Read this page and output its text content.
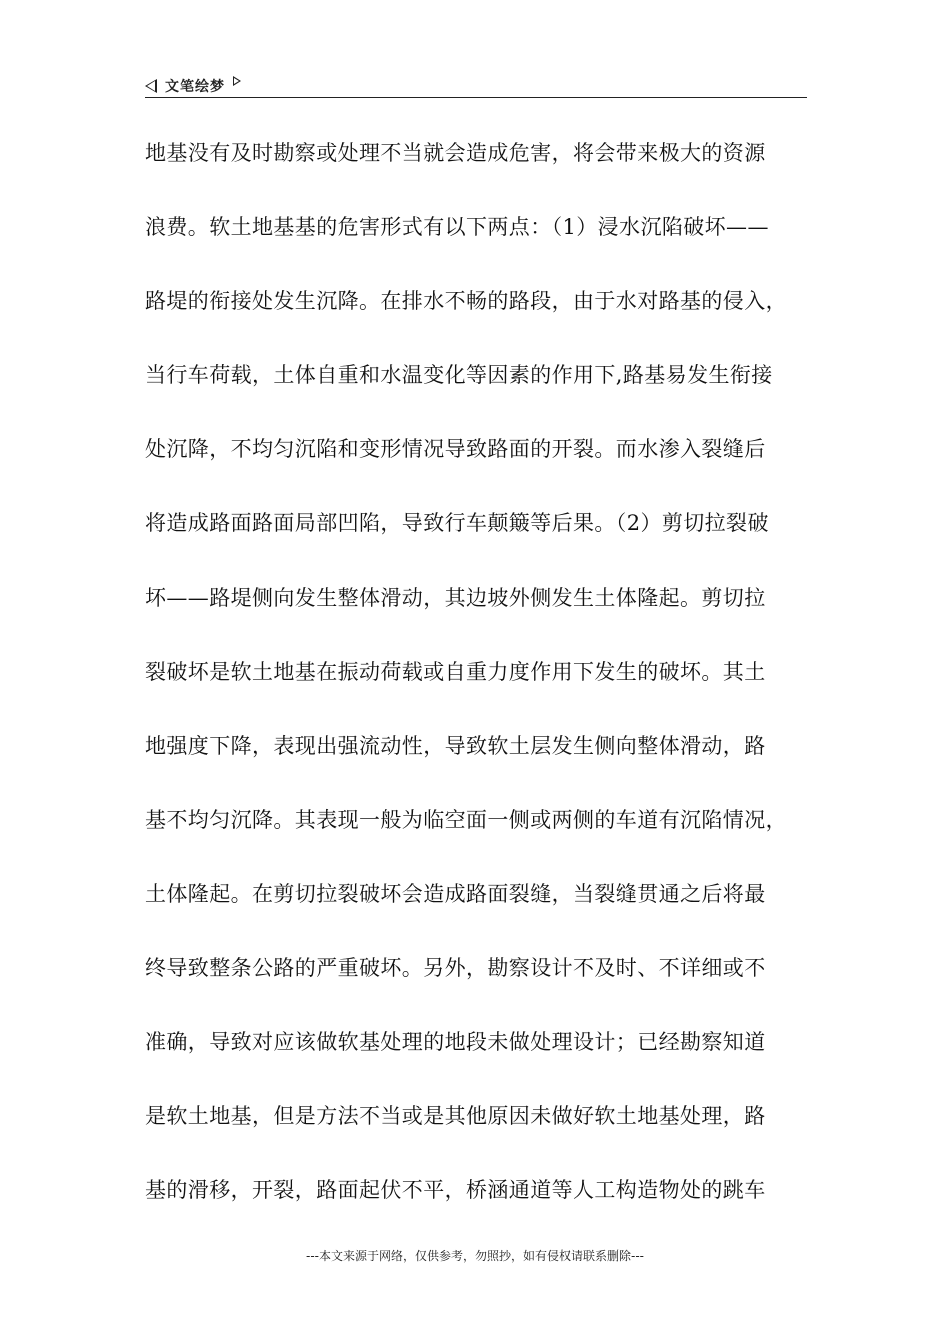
文笔绘梦
地基没有及时勘察或处理不当就会造成危害，将会带来极大的资源
浪费。软土地基基的危害形式有以下两点：（1）浸水沉陷破坏——
路堤的衔接处发生沉降。在排水不畅的路段，由于水对路基的侵入，
当行车荷载，土体自重和水温变化等因素的作用下,路基易发生衔接
处沉降，不均匀沉陷和变形情况导致路面的开裂。而水渗入裂缝后
将造成路面路面局部凹陷，导致行车颠簸等后果。（2）剪切拉裂破
坏——路堤侧向发生整体滑动，其边坡外侧发生土体隆起。剪切拉
裂破坏是软土地基在振动荷载或自重力度作用下发生的破坏。其土
地强度下降，表现出强流动性，导致软土层发生侧向整体滑动，路
基不均匀沉降。其表现一般为临空面一侧或两侧的车道有沉陷情况，
土体隆起。在剪切拉裂破坏会造成路面裂缝，当裂缝贯通之后将最
终导致整条公路的严重破坏。另外，勘察设计不及时、不详细或不
准确，导致对应该做软基处理的地段未做处理设计；已经勘察知道
是软土地基，但是方法不当或是其他原因未做好软土地基处理，路
基的滑移，开裂，路面起伏不平，桥涵通道等人工构造物处的跳车
---本文来源于网络，仅供参考，勿照抄，如有侵权请联系删除---
